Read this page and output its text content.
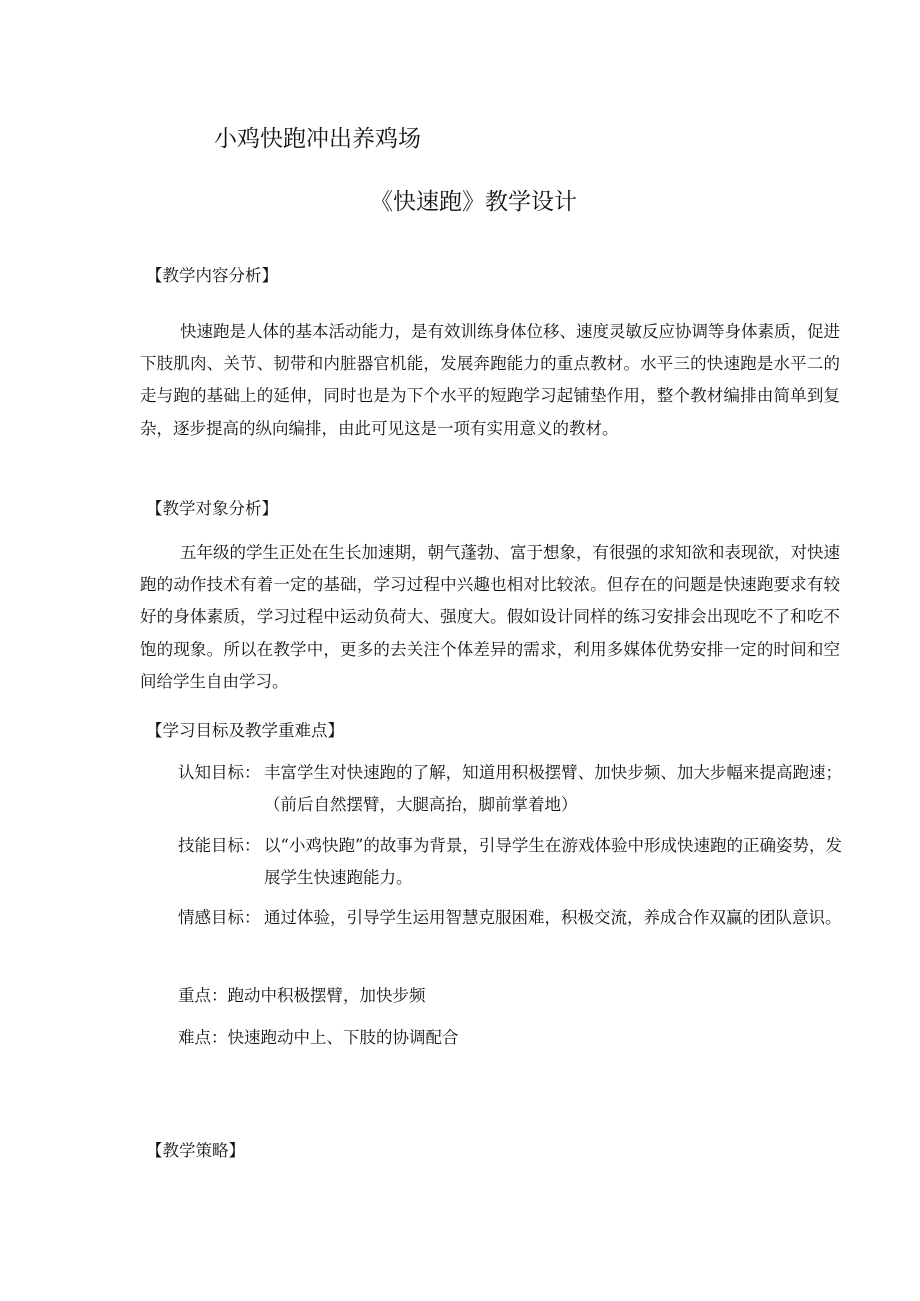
小鸡快跑冲出养鸡场
《快速跑》教学设计
【教学内容分析】
快速跑是人体的基本活动能力，是有效训练身体位移、速度灵敏反应协调等身体素质，促进下肢肌肉、关节、韧带和内脏器官机能，发展奔跑能力的重点教材。水平三的快速跑是水平二的走与跑的基础上的延伸，同时也是为下个水平的短跑学习起铺垫作用，整个教材编排由简单到复杂，逐步提高的纵向编排，由此可见这是一项有实用意义的教材。
【教学对象分析】
五年级的学生正处在生长加速期，朝气蓬勃、富于想象，有很强的求知欲和表现欲，对快速跑的动作技术有着一定的基础，学习过程中兴趣也相对比较浓。但存在的问题是快速跑要求有较好的身体素质，学习过程中运动负荷大、强度大。假如设计同样的练习安排会出现吃不了和吃不饱的现象。所以在教学中，更多的去关注个体差异的需求，利用多媒体优势安排一定的时间和空间给学生自由学习。
【学习目标及教学重难点】
认知目标： 丰富学生对快速跑的了解，知道用积极摆臂、加快步频、加大步幅来提高跑速；（前后自然摆臂，大腿高抬，脚前掌着地）
技能目标： 以“小鸡快跑”的故事为背景，引导学生在游戏体验中形成快速跑的正确姿势，发展学生快速跑能力。
情感目标： 通过体验，引导学生运用智慧克服困难，积极交流，养成合作双赢的团队意识。
重点：跑动中积极摆臂，加快步频
难点：快速跑动中上、下肢的协调配合
【教学策略】
